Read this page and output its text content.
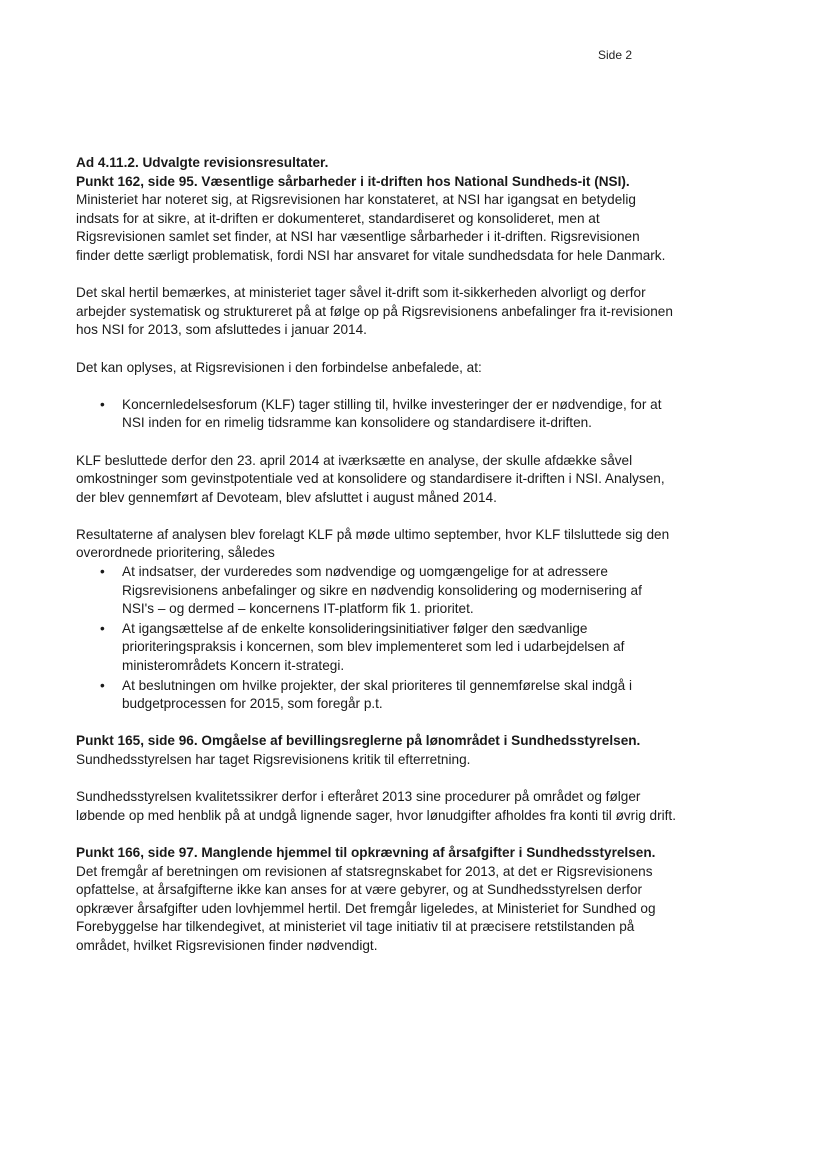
Side 2

Ad 4.11.2. Udvalgte revisionsresultater.

Punkt 162, side 95. Væsentlige sårbarheder i it-driften hos National Sundheds-it (NSI).

Ministeriet har noteret sig, at Rigsrevisionen har konstateret, at NSI har igangsat en betydelig indsats for at sikre, at it-driften er dokumenteret, standardiseret og konsolideret, men at Rigsrevisionen samlet set finder, at NSI har væsentlige sårbarheder i it-driften. Rigsrevisionen finder dette særligt problematisk, fordi NSI har ansvaret for vitale sundhedsdata for hele Danmark.

Det skal hertil bemærkes, at ministeriet tager såvel it-drift som it-sikkerheden alvorligt og derfor arbejder systematisk og struktureret på at følge op på Rigsrevisionens anbefalinger fra it-revisionen hos NSI for 2013, som afsluttedes i januar 2014.

Det kan oplyses, at Rigsrevisionen i den forbindelse anbefalede, at:

• Koncernledelsesforum (KLF) tager stilling til, hvilke investeringer der er nødvendige, for at NSI inden for en rimelig tidsramme kan konsolidere og standardisere it-driften.

KLF besluttede derfor den 23. april 2014 at iværksætte en analyse, der skulle afdække såvel omkostninger som gevinstpotentiale ved at konsolidere og standardisere it-driften i NSI. Analysen, der blev gennemført af Devoteam, blev afsluttet i august måned 2014.

Resultaterne af analysen blev forelagt KLF på møde ultimo september, hvor KLF tilsluttede sig den overordnede prioritering, således

• At indsatser, der vurderedes som nødvendige og uomgængelige for at adressere Rigsrevisionens anbefalinger og sikre en nødvendig konsolidering og modernisering af NSI's – og dermed – koncernens IT-platform fik 1. prioritet.
• At igangsættelse af de enkelte konsolideringsinitiativer følger den sædvanlige prioriteringspraksis i koncernen, som blev implementeret som led i udarbejdelsen af ministerområdets Koncern it-strategi.
• At beslutningen om hvilke projekter, der skal prioriteres til gennemførelse skal indgå i budgetprocessen for 2015, som foregår p.t.

Punkt 165, side 96. Omgåelse af bevillingsreglerne på lønområdet i Sundhedsstyrelsen.

Sundhedsstyrelsen har taget Rigsrevisionens kritik til efterretning.

Sundhedsstyrelsen kvalitetssikrer derfor i efteråret 2013 sine procedurer på området og følger løbende op med henblik på at undgå lignende sager, hvor lønudgifter afholdes fra konti til øvrig drift.

Punkt 166, side 97. Manglende hjemmel til opkrævning af årsafgifter i Sundhedsstyrelsen.

Det fremgår af beretningen om revisionen af statsregnskabet for 2013, at det er Rigsrevisionens opfattelse, at årsafgifterne ikke kan anses for at være gebyrer, og at Sundhedsstyrelsen derfor opkræver årsafgifter uden lovhjemmel hertil. Det fremgår ligeledes, at Ministeriet for Sundhed og Forebyggelse har tilkendegivet, at ministeriet vil tage initiativ til at præcisere retstilstanden på området, hvilket Rigsrevisionen finder nødvendigt.
